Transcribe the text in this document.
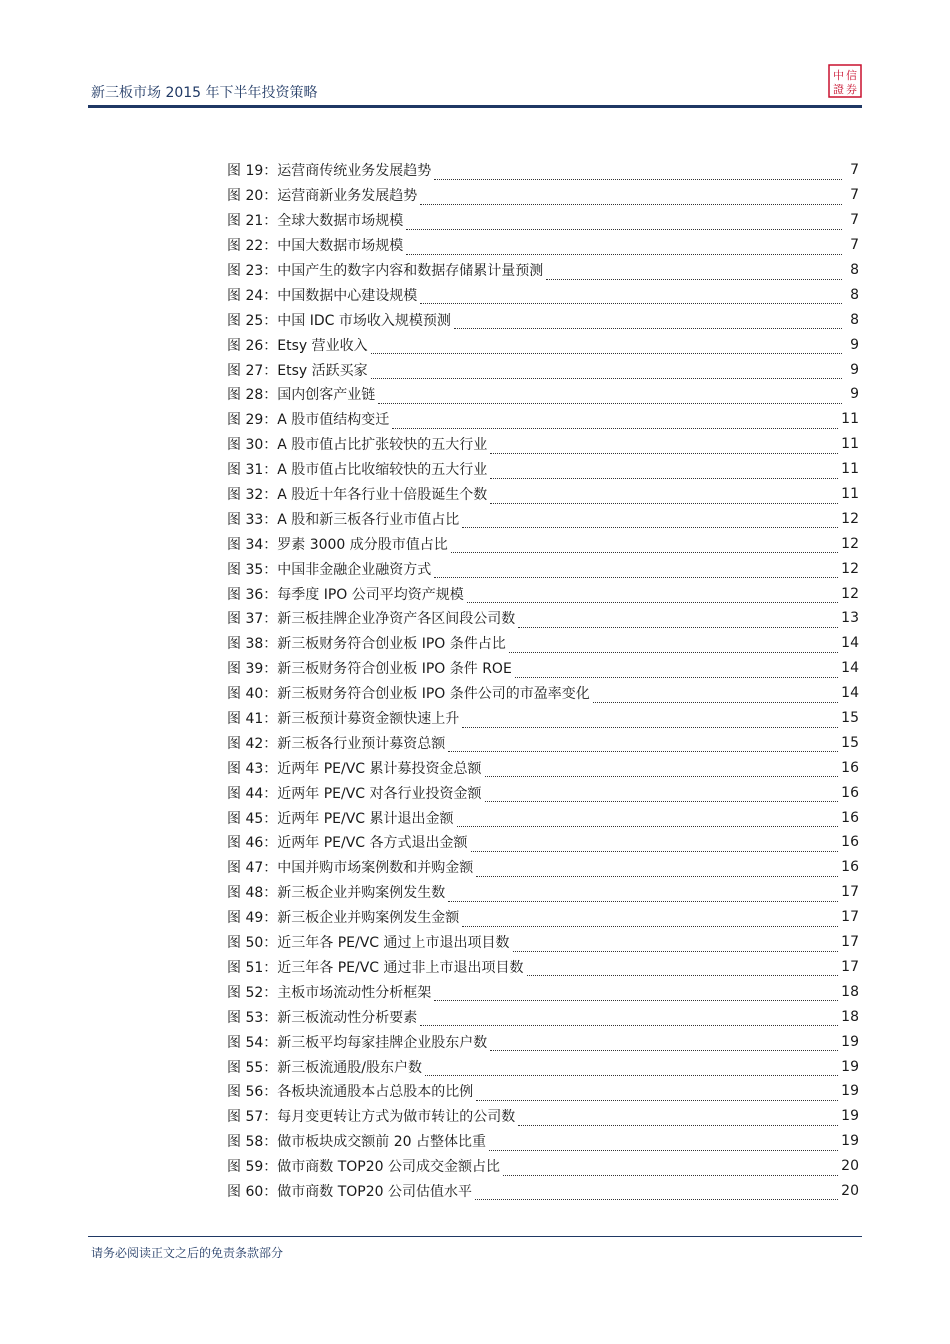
新三板市场 2015 年下半年投资策略
中 信
證 券
图 19 ： 运营商传统业务发展趋势	7
图 20 ： 运营商新业务发展趋势	7
图 21 ： 全球大数据市场规模	7
图 22 ： 中国大数据市场规模	7
图 23 ： 中国产生的数字内容和数据存储累计量预测	8
图 24 ： 中国数据中心建设规模	8
图 25 ： 中国 IDC 市场收入规模预测	8
图 26 ： Etsy 营业收入	9
图 27 ： Etsy 活跃买家	9
图 28 ： 国内创客产业链	9
图 29 ： A 股市值结构变迁	11
图 30 ： A 股市值占比扩张较快的五大行业	11
图 31 ： A 股市值占比收缩较快的五大行业	11
图 32 ： A 股近十年各行业十倍股诞生个数	11
图 33 ： A 股和新三板各行业市值占比	12
图 34 ： 罗素 3000 成分股市值占比	12
图 35 ： 中国非金融企业融资方式	12
图 36 ： 每季度 IPO 公司平均资产规模	12
图 37 ： 新三板挂牌企业净资产各区间段公司数	13
图 38 ： 新三板财务符合创业板 IPO 条件占比	14
图 39 ： 新三板财务符合创业板 IPO 条件 ROE	14
图 40 ： 新三板财务符合创业板 IPO 条件公司的市盈率变化	14
图 41 ： 新三板预计募资金额快速上升	15
图 42 ： 新三板各行业预计募资总额	15
图 43 ： 近两年 PE/VC 累计募投资金总额	16
图 44 ： 近两年 PE/VC 对各行业投资金额	16
图 45 ： 近两年 PE/VC 累计退出金额	16
图 46 ： 近两年 PE/VC 各方式退出金额	16
图 47 ： 中国并购市场案例数和并购金额	16
图 48 ： 新三板企业并购案例发生数	17
图 49 ： 新三板企业并购案例发生金额	17
图 50 ： 近三年各 PE/VC 通过上市退出项目数	17
图 51 ： 近三年各 PE/VC 通过非上市退出项目数	17
图 52 ： 主板市场流动性分析框架	18
图 53 ： 新三板流动性分析要素	18
图 54 ： 新三板平均每家挂牌企业股东户数	19
图 55 ： 新三板流通股/股东户数	19
图 56 ： 各板块流通股本占总股本的比例	19
图 57 ： 每月变更转让方式为做市转让的公司数	19
图 58 ： 做市板块成交额前 20 占整体比重	19
图 59 ： 做市商数 TOP20 公司成交金额占比	20
图 60 ： 做市商数 TOP20 公司估值水平	20
请务必阅读正文之后的免责条款部分
